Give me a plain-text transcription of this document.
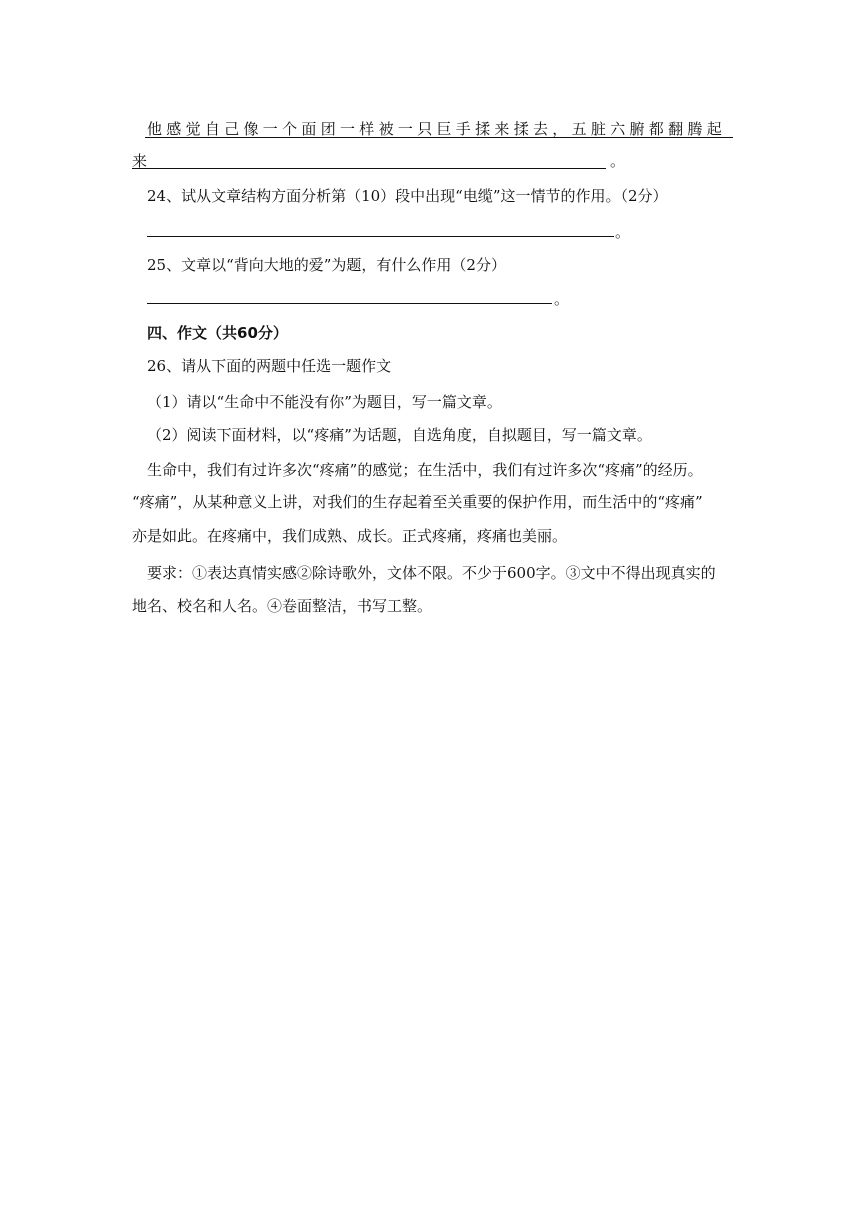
他感觉自己像一个面团一样被一只巨手揉来揉去，五脏六腑都翻腾起
来	。
24、试从文章结构方面分析第（10）段中出现“电缆”这一情节的作用。（2分）
。
25、文章以“背向大地的爱”为题，有什么作用（2分）
。
四、作文（共60分）
26、请从下面的两题中任选一题作文
（1）请以“生命中不能没有你”为题目，写一篇文章。
（2）阅读下面材料，以“疼痛”为话题，自选角度，自拟题目，写一篇文章。
生命中，我们有过许多次“疼痛”的感觉；在生活中，我们有过许多次“疼痛”的经历。
“疼痛”，从某种意义上讲，对我们的生存起着至关重要的保护作用，而生活中的“疼痛”
亦是如此。在疼痛中，我们成熟、成长。正式疼痛，疼痛也美丽。
要求：①表达真情实感②除诗歌外，文体不限。不少于600字。③文中不得出现真实的
地名、校名和人名。④卷面整洁，书写工整。
